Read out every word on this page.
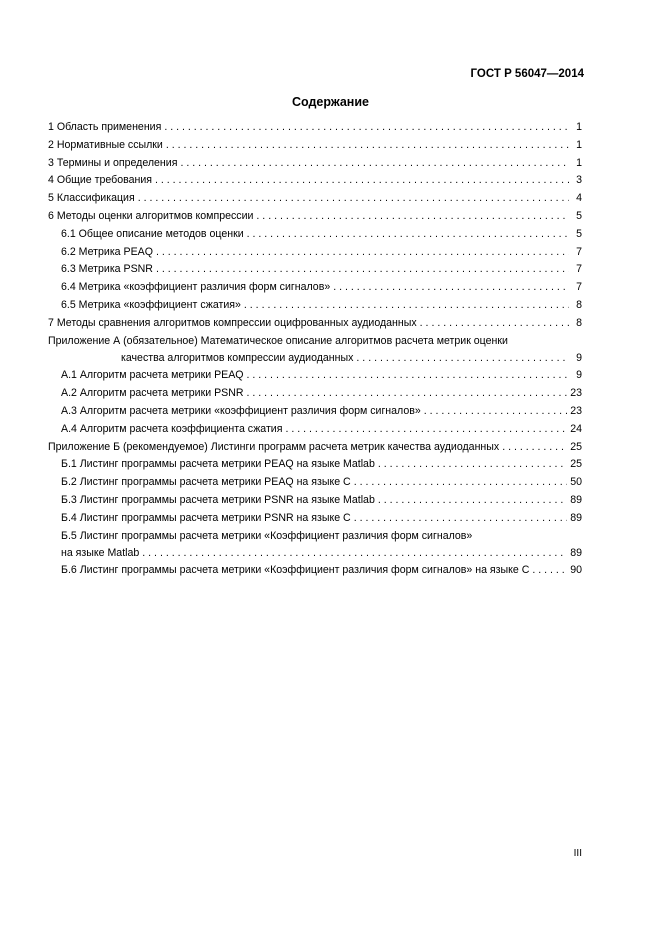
ГОСТ Р 56047—2014
Содержание
1 Область применения . . .	1
2 Нормативные ссылки . . .	1
3 Термины и определения . . .	1
4 Общие требования . . .	3
5 Классификация . . .	4
6 Методы оценки алгоритмов компрессии . . .	5
6.1 Общее описание методов оценки . . .	5
6.2 Метрика PEAQ . . .	7
6.3 Метрика PSNR . . .	7
6.4 Метрика «коэффициент различия форм сигналов» . . .	7
6.5 Метрика «коэффициент сжатия» . . .	8
7 Методы сравнения алгоритмов компрессии оцифрованных аудиоданных . . .	8
Приложение А (обязательное) Математическое описание алгоритмов расчета метрик оценки
качества алгоритмов компрессии аудиоданных . . .	9
А.1 Алгоритм расчета метрики PEAQ . . .	9
А.2 Алгоритм расчета метрики PSNR . . .	23
А.3 Алгоритм расчета метрики «коэффициент различия форм сигналов» . . .	23
А.4 Алгоритм расчета коэффициента сжатия . . .	24
Приложение Б (рекомендуемое) Листинги программ расчета метрик качества аудиоданных . . .	25
Б.1 Листинг программы расчета метрики PEAQ на языке Matlab . . .	25
Б.2 Листинг программы расчета метрики PEAQ на языке С . . .	50
Б.3 Листинг программы расчета метрики PSNR на языке Matlab . . .	89
Б.4 Листинг программы расчета метрики PSNR на языке С . . .	89
Б.5 Листинг программы расчета метрики «Коэффициент различия форм сигналов»
на языке Matlab . . .	89
Б.6 Листинг программы расчета метрики «Коэффициент различия форм сигналов» на языке С . . .	90
III
